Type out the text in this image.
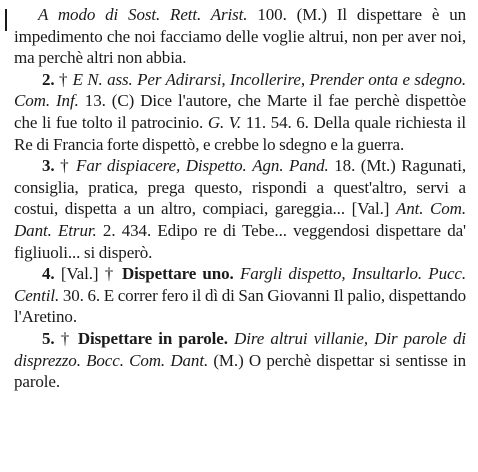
A modo di Sost. Rett. Arist. 100. (M.) Il dispettare è un impedimento che noi facciamo delle voglie altrui, non per aver noi, ma perchè altri non abbia.

2. † E N. ass. Per Adirarsi, Incollerire, Prender onta e sdegno. Com. Inf. 13. (C) Dice l'autore, che Marte il fae perchè dispettòe che li fue tolto il patrocinio. G. V. 11. 54. 6. Della quale richiesta il Re di Francia forte dispettò, e crebbe lo sdegno e la guerra.

3. † Far dispiacere, Dispetto. Agn. Pand. 18. (Mt.) Ragunati, consiglia, pratica, prega questo, rispondi a quest'altro, servi a costui, dispetta a un altro, compiaci, gareggia... [Val.] Ant. Com. Dant. Etrur. 2. 434. Edipo re di Tebe... veggendosi dispettare da' figliuoli... si disperò.

4. [Val.] † Dispettare uno. Fargli dispetto, Insultarlo. Pucc. Centil. 30. 6. E correr fero il dì di San Giovanni Il palio, dispettando l'Aretino.

5. † Dispettare in parole. Dire altrui villanie, Dir parole di disprezzo. Bocc. Com. Dant. (M.) O perchè dispettar si sentisse in parole.
